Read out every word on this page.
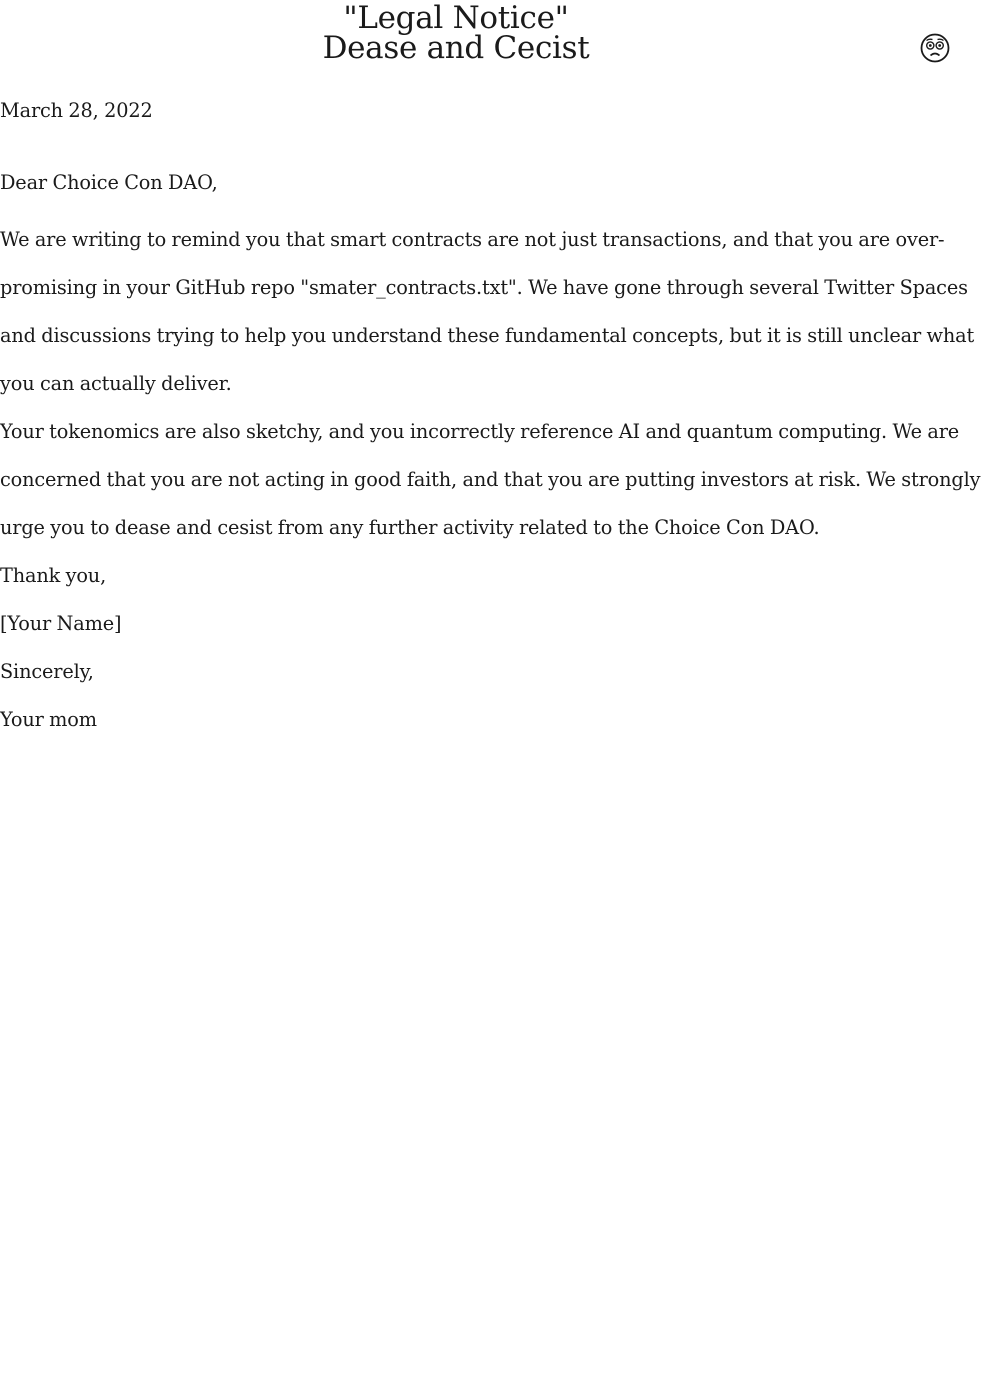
"Legal Notice"
Dease and Cecist

March 28, 2022

Dear Choice Con DAO,

We are writing to remind you that smart contracts are not just transactions, and that you are over-promising in your GitHub repo "smater_contracts.txt". We have gone through several Twitter Spaces and discussions trying to help you understand these fundamental concepts, but it is still unclear what you can actually deliver.

Your tokenomics are also sketchy, and you incorrectly reference AI and quantum computing. We are concerned that you are not acting in good faith, and that you are putting investors at risk. We strongly urge you to dease and cesist from any further activity related to the Choice Con DAO.

Thank you,

[Your Name]

Sincerely,

Your mom
